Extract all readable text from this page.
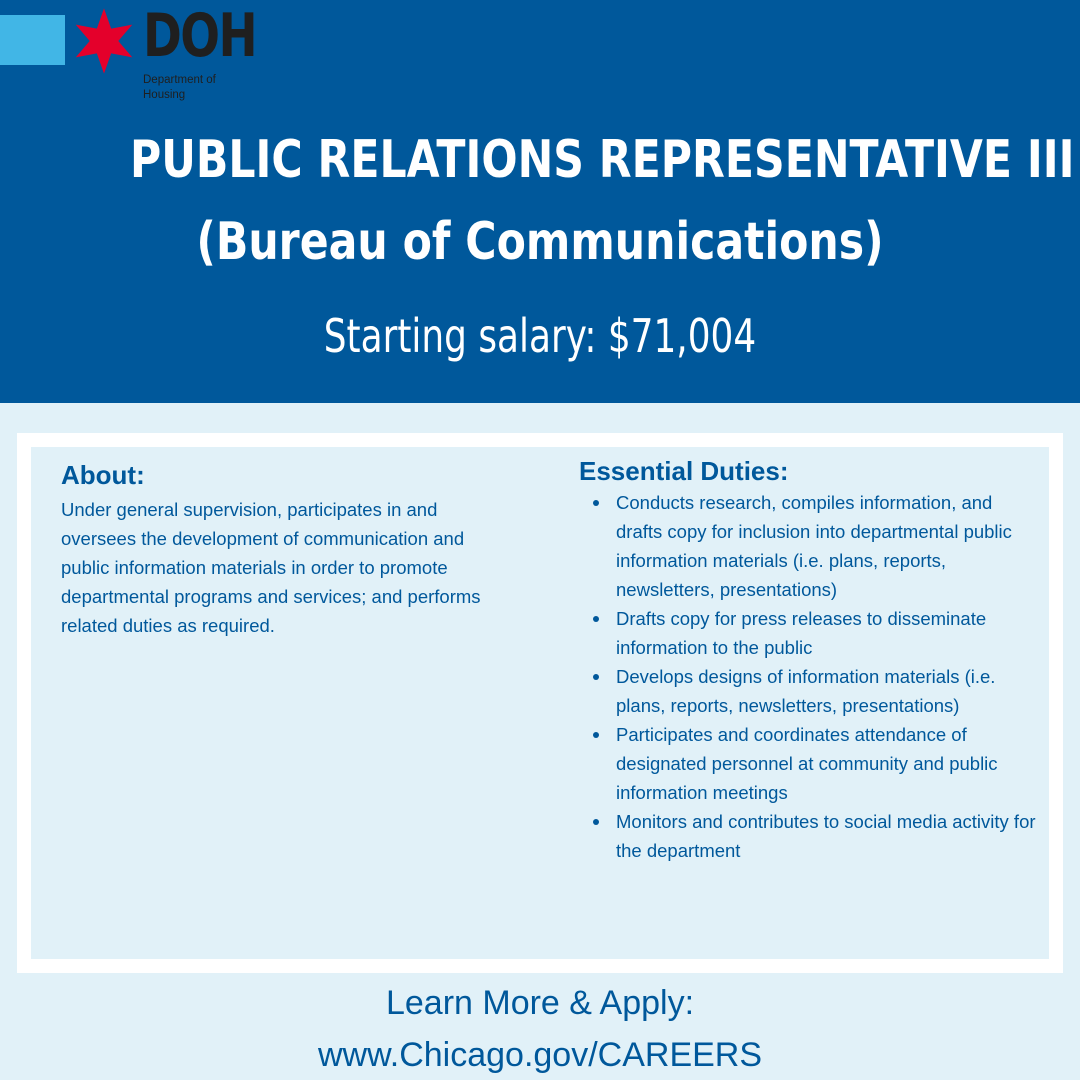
DOH
Department of Housing
PUBLIC RELATIONS REPRESENTATIVE III
(Bureau of Communications)

Starting salary: $71,004

About:

Under general supervision, participates in and oversees the development of communication and public information materials in order to promote departmental programs and services; and performs related duties as required.

Essential Duties:
Conducts research, compiles information, and drafts copy for inclusion into departmental public information materials (i.e. plans, reports, newsletters, presentations)
Drafts copy for press releases to disseminate information to the public
Develops designs of information materials (i.e. plans, reports, newsletters, presentations)
Participates and coordinates attendance of designated personnel at community and public information meetings
Monitors and contributes to social media activity for the department
Learn More & Apply:
www.Chicago.gov/CAREERS
